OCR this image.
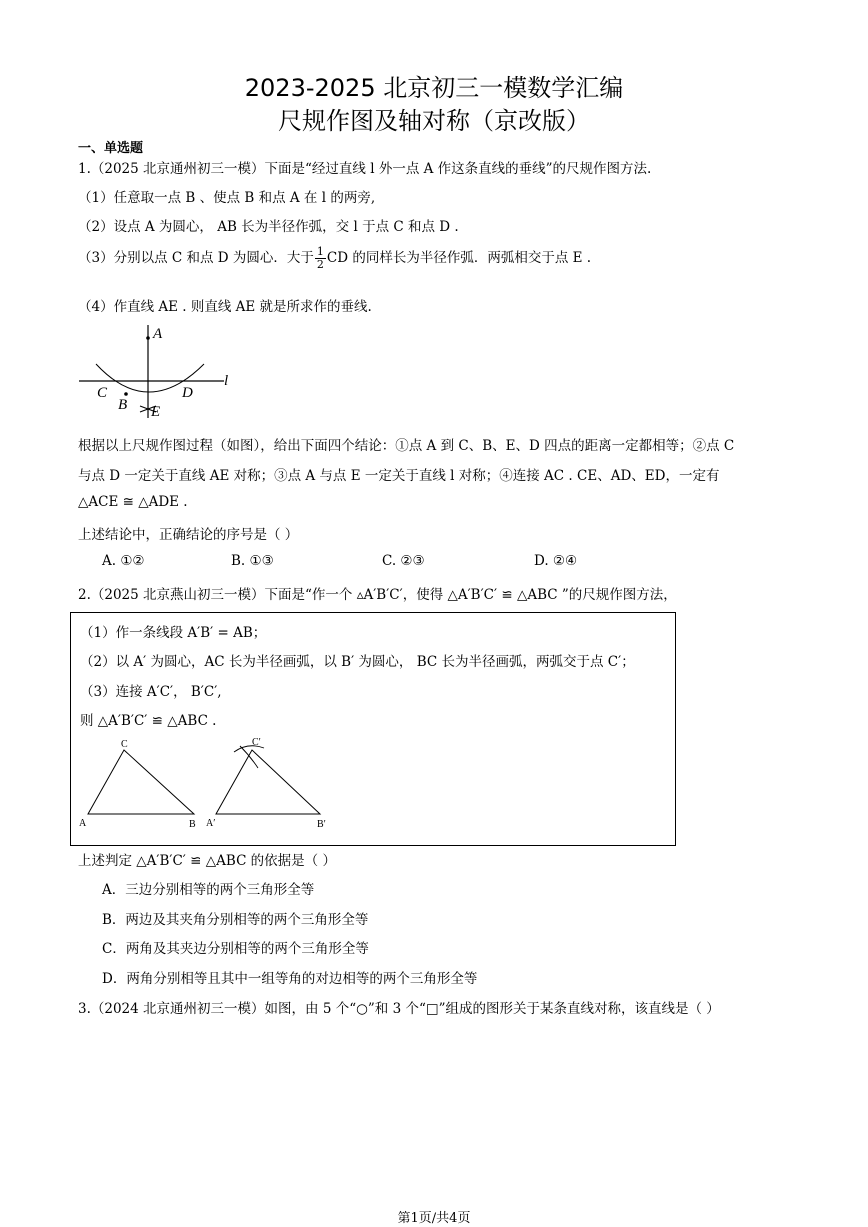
2023-2025 北京初三一模数学汇编
尺规作图及轴对称（京改版）
一、单选题
1.（2025 北京通州初三一模）下面是“经过直线 l 外一点 A 作这条直线的垂线”的尺规作图方法.
（1）任意取一点 B 、使点 B 和点 A 在 l 的两旁,
（2）设点 A 为圆心， AB 长为半径作弧，交 l 于点 C 和点 D .
（3）分别以点 C 和点 D 为圆心．大于 $\frac{1}{2}$ CD 的同样长为半径作弧．两弧相交于点 E .
（4）作直线 AE . 则直线 AE 就是所求作的垂线.
A
C
B
D
E
l
根据以上尺规作图过程（如图），给出下面四个结论：①点 A 到 C、B、E、D 四点的距离一定都相等；②点 C
与点 D 一定关于直线 AE 对称；③点 A 与点 E 一定关于直线 l 对称；④连接 AC . CE、AD、ED，一定有
△ACE ≅ △ADE .
上述结论中，正确结论的序号是（ ）
A. ①②	B. ①③	C. ②③	D. ②④
2.（2025 北京燕山初三一模）下面是“作一个 ▵A′B′C′，使得 △A′B′C′ ≌ △ABC ”的尺规作图方法，
（1）作一条线段 A′B′ = AB；
（2）以 A′ 为圆心，AC 长为半径画弧，以 B′ 为圆心， BC 长为半径画弧，两弧交于点 C′；
（3）连接 A′C′， B′C′,
则 △A′B′C′ ≌ △ABC .
A	B
C
A′	B′
C′
上述判定 △A′B′C′ ≌ △ABC 的依据是（ ）
A．三边分别相等的两个三角形全等
B．两边及其夹角分别相等的两个三角形全等
C．两角及其夹边分别相等的两个三角形全等
D．两角分别相等且其中一组等角的对边相等的两个三角形全等
3.（2024 北京通州初三一模）如图，由 5 个“○”和 3 个“□”组成的图形关于某条直线对称，该直线是（ ）
第1页/共4页
